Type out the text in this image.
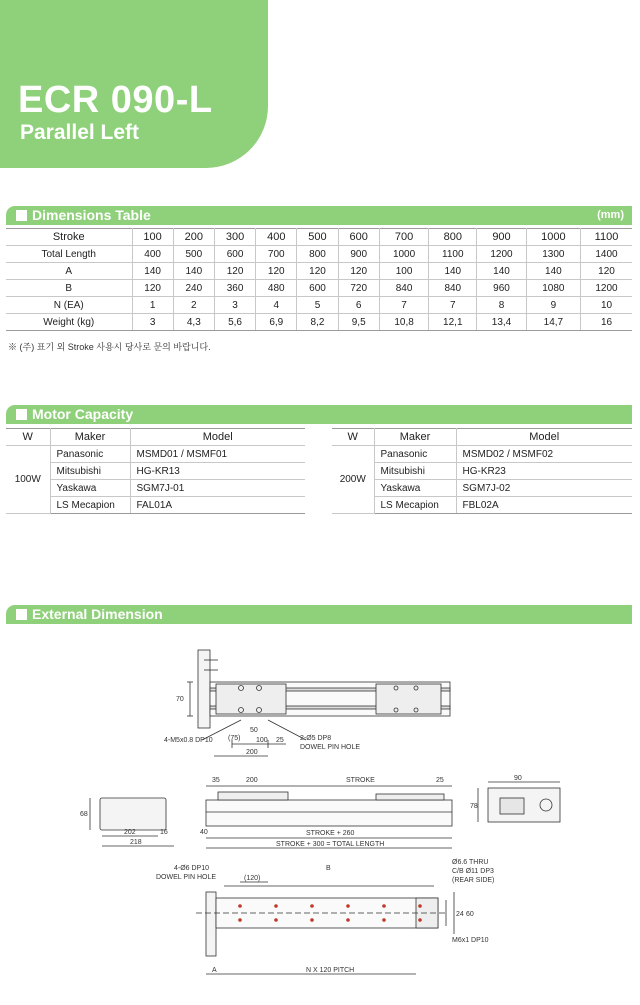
ECR 090-L
Parallel Left
Dimensions Table	(mm)
Stroke	100	200	300	400	500	600	700	800	900	1000	1100
Total Length	400	500	600	700	800	900	1000	1100	1200	1300	1400
A	140	140	120	120	120	120	100	140	140	140	120
B	120	240	360	480	600	720	840	840	960	1080	1200
N (EA)	1	2	3	4	5	6	7	7	8	9	10
Weight (kg)	3	4,3	5,6	6,9	8,2	9,5	10,8	12,1	13,4	14,7	16
※ (주) 표기 외 Stroke 사용시 당사로 문의 바랍니다.
Motor Capacity
W	Maker	Model
100W	Panasonic	MSMD01 / MSMF01
	Mitsubishi	HG-KR13
	Yaskawa	SGM7J-01
	LS Mecapion	FAL01A
W	Maker	Model
200W	Panasonic	MSMD02 / MSMF02
	Mitsubishi	HG-KR23
	Yaskawa	SGM7J-02
	LS Mecapion	FBL02A
External Dimension
70
4-M5x0.8 DP10 (75)
50
100 25
200
2-Ø5 DP8
DOWEL PIN HOLE
35	200	STROKE	25
68
202	16
218
40	STROKE + 260
STROKE + 300 = TOTAL LENGTH
90
78
4-Ø6 DP10
DOWEL PIN HOLE	(120)
B
Ø6.6 THRU
C/B Ø11 DP3
(REAR SIDE)
24 60
M6x1 DP10
A	N X 120 PITCH
